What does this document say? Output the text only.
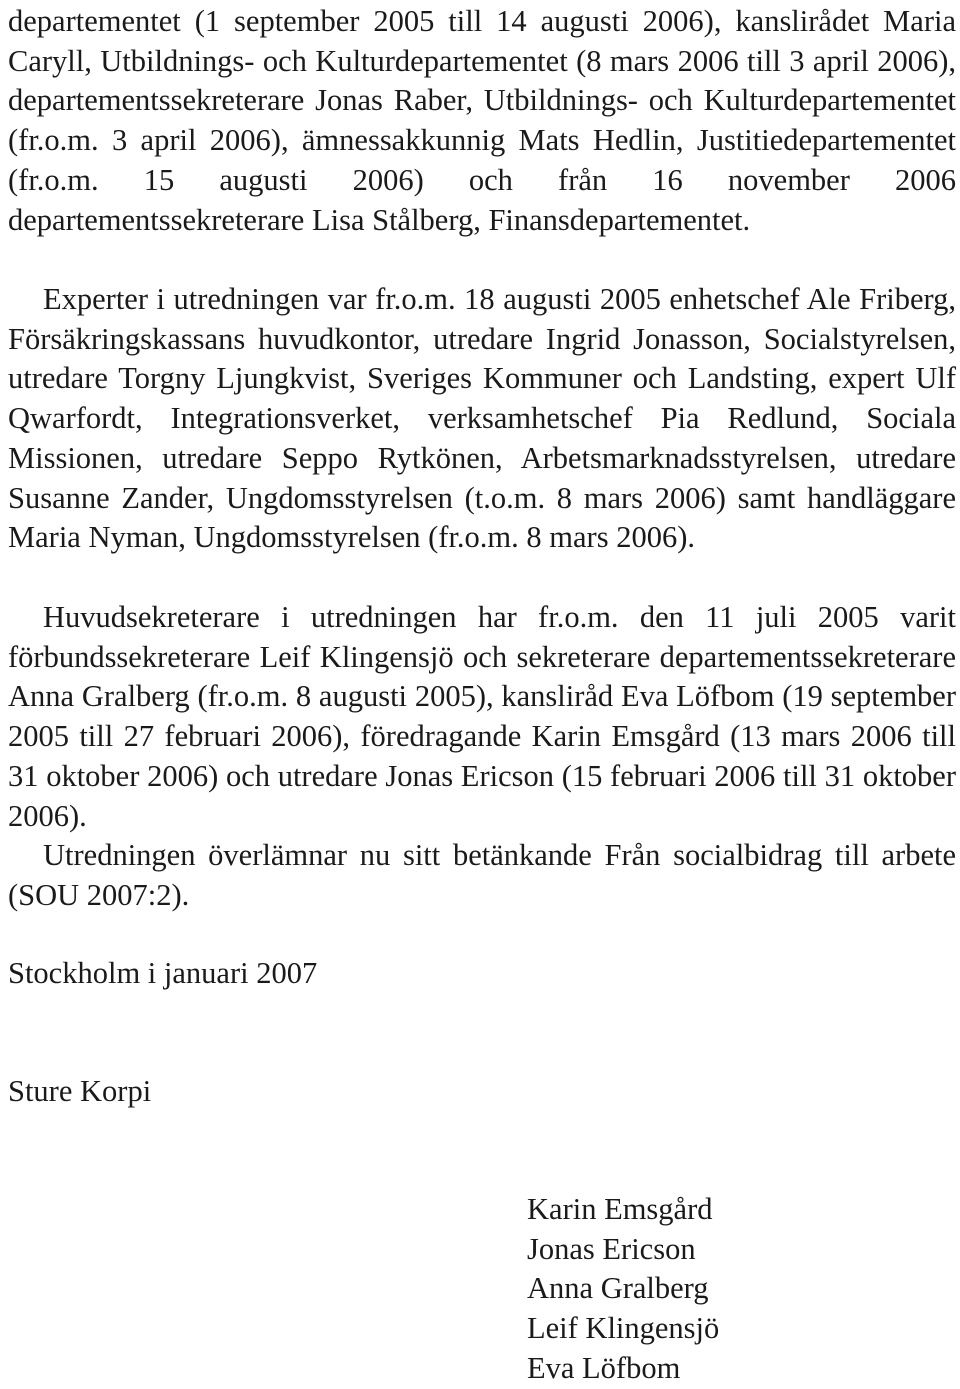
departementet (1 september 2005 till 14 augusti 2006), kanslirådet Maria Caryll, Utbildnings- och Kulturdepartementet (8 mars 2006 till 3 april 2006), departementssekreterare Jonas Raber, Utbildnings- och Kulturdepartementet (fr.o.m. 3 april 2006), ämnessakkunnig Mats Hedlin, Justitiedepartementet (fr.o.m. 15 augusti 2006) och från 16 november 2006 departementssekreterare Lisa Stålberg, Finansdepartementet.

Experter i utredningen var fr.o.m. 18 augusti 2005 enhetschef Ale Friberg, Försäkringskassans huvudkontor, utredare Ingrid Jonasson, Socialstyrelsen, utredare Torgny Ljungkvist, Sveriges Kommuner och Landsting, expert Ulf Qwarfordt, Integrationsverket, verksamhetschef Pia Redlund, Sociala Missionen, utredare Seppo Rytkönen, Arbetsmarknadsstyrelsen, utredare Susanne Zander, Ungdomsstyrelsen (t.o.m. 8 mars 2006) samt handläggare Maria Nyman, Ungdomsstyrelsen (fr.o.m. 8 mars 2006).

Huvudsekreterare i utredningen har fr.o.m. den 11 juli 2005 varit förbundssekreterare Leif Klingensjö och sekreterare departementssekreterare Anna Gralberg (fr.o.m. 8 augusti 2005), kansliråd Eva Löfbom (19 september 2005 till 27 februari 2006), föredragande Karin Emsgård (13 mars 2006 till 31 oktober 2006) och utredare Jonas Ericson (15 februari 2006 till 31 oktober 2006).

Utredningen överlämnar nu sitt betänkande Från socialbidrag till arbete (SOU 2007:2).

Stockholm i januari 2007

Sture Korpi

Karin Emsgård
Jonas Ericson
Anna Gralberg
Leif Klingensjö
Eva Löfbom
